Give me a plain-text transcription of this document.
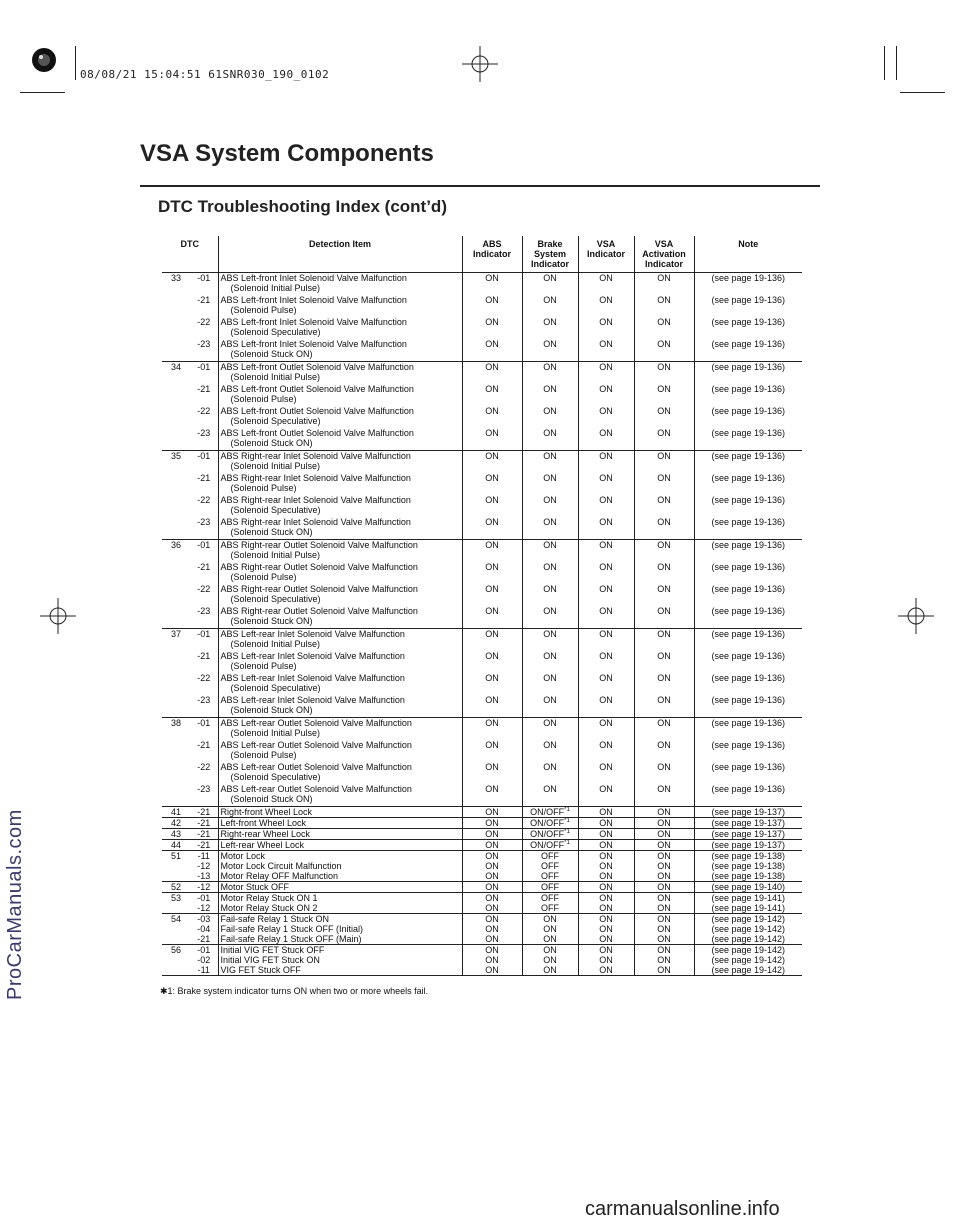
08/08/21 15:04:51 61SNR030_190_0102
VSA System Components
DTC Troubleshooting Index (cont’d)
ProCarManuals.com
carmanualsonline.info
DTC		Detection Item	ABS Indicator	Brake System Indicator	VSA Indicator	VSA Activation Indicator	Note
33	-01	ABS Left-front Inlet Solenoid Valve Malfunction
(Solenoid Initial Pulse)	ON	ON	ON	ON	(see page 19-136)
	-21	ABS Left-front Inlet Solenoid Valve Malfunction
(Solenoid Pulse)	ON	ON	ON	ON	(see page 19-136)
	-22	ABS Left-front Inlet Solenoid Valve Malfunction
(Solenoid Speculative)	ON	ON	ON	ON	(see page 19-136)
	-23	ABS Left-front Inlet Solenoid Valve Malfunction
(Solenoid Stuck ON)	ON	ON	ON	ON	(see page 19-136)
34	-01	ABS Left-front Outlet Solenoid Valve Malfunction
(Solenoid Initial Pulse)	ON	ON	ON	ON	(see page 19-136)
	-21	ABS Left-front Outlet Solenoid Valve Malfunction
(Solenoid Pulse)	ON	ON	ON	ON	(see page 19-136)
	-22	ABS Left-front Outlet Solenoid Valve Malfunction
(Solenoid Speculative)	ON	ON	ON	ON	(see page 19-136)
	-23	ABS Left-front Outlet Solenoid Valve Malfunction
(Solenoid Stuck ON)	ON	ON	ON	ON	(see page 19-136)
35	-01	ABS Right-rear Inlet Solenoid Valve Malfunction
(Solenoid Initial Pulse)	ON	ON	ON	ON	(see page 19-136)
	-21	ABS Right-rear Inlet Solenoid Valve Malfunction
(Solenoid Pulse)	ON	ON	ON	ON	(see page 19-136)
	-22	ABS Right-rear Inlet Solenoid Valve Malfunction
(Solenoid Speculative)	ON	ON	ON	ON	(see page 19-136)
	-23	ABS Right-rear Inlet Solenoid Valve Malfunction
(Solenoid Stuck ON)	ON	ON	ON	ON	(see page 19-136)
36	-01	ABS Right-rear Outlet Solenoid Valve Malfunction
(Solenoid Initial Pulse)	ON	ON	ON	ON	(see page 19-136)
	-21	ABS Right-rear Outlet Solenoid Valve Malfunction
(Solenoid Pulse)	ON	ON	ON	ON	(see page 19-136)
	-22	ABS Right-rear Outlet Solenoid Valve Malfunction
(Solenoid Speculative)	ON	ON	ON	ON	(see page 19-136)
	-23	ABS Right-rear Outlet Solenoid Valve Malfunction
(Solenoid Stuck ON)	ON	ON	ON	ON	(see page 19-136)
37	-01	ABS Left-rear Inlet Solenoid Valve Malfunction
(Solenoid Initial Pulse)	ON	ON	ON	ON	(see page 19-136)
	-21	ABS Left-rear Inlet Solenoid Valve Malfunction
(Solenoid Pulse)	ON	ON	ON	ON	(see page 19-136)
	-22	ABS Left-rear Inlet Solenoid Valve Malfunction
(Solenoid Speculative)	ON	ON	ON	ON	(see page 19-136)
	-23	ABS Left-rear Inlet Solenoid Valve Malfunction
(Solenoid Stuck ON)	ON	ON	ON	ON	(see page 19-136)
38	-01	ABS Left-rear Outlet Solenoid Valve Malfunction
(Solenoid Initial Pulse)	ON	ON	ON	ON	(see page 19-136)
	-21	ABS Left-rear Outlet Solenoid Valve Malfunction
(Solenoid Pulse)	ON	ON	ON	ON	(see page 19-136)
	-22	ABS Left-rear Outlet Solenoid Valve Malfunction
(Solenoid Speculative)	ON	ON	ON	ON	(see page 19-136)
	-23	ABS Left-rear Outlet Solenoid Valve Malfunction
(Solenoid Stuck ON)	ON	ON	ON	ON	(see page 19-136)
41	-21	Right-front Wheel Lock	ON	ON/OFF$^{*1}$	ON	ON	(see page 19-137)
42	-21	Left-front Wheel Lock	ON	ON/OFF$^{*1}$	ON	ON	(see page 19-137)
43	-21	Right-rear Wheel Lock	ON	ON/OFF$^{*1}$	ON	ON	(see page 19-137)
44	-21	Left-rear Wheel Lock	ON	ON/OFF$^{*1}$	ON	ON	(see page 19-137)
51	-11	Motor Lock	ON	OFF	ON	ON	(see page 19-138)
	-12	Motor Lock Circuit Malfunction	ON	OFF	ON	ON	(see page 19-138)
	-13	Motor Relay OFF Malfunction	ON	OFF	ON	ON	(see page 19-138)
52	-12	Motor Stuck OFF	ON	OFF	ON	ON	(see page 19-140)
53	-01	Motor Relay Stuck ON 1	ON	OFF	ON	ON	(see page 19-141)
	-12	Motor Relay Stuck ON 2	ON	OFF	ON	ON	(see page 19-141)
54	-03	Fail-safe Relay 1 Stuck ON	ON	ON	ON	ON	(see page 19-142)
	-04	Fail-safe Relay 1 Stuck OFF (Initial)	ON	ON	ON	ON	(see page 19-142)
	-21	Fail-safe Relay 1 Stuck OFF (Main)	ON	ON	ON	ON	(see page 19-142)
56	-01	Initial VIG FET Stuck OFF	ON	ON	ON	ON	(see page 19-142)
	-02	Initial VIG FET Stuck ON	ON	ON	ON	ON	(see page 19-142)
	-11	VIG FET Stuck OFF	ON	ON	ON	ON	(see page 19-142)
✱1: Brake system indicator turns ON when two or more wheels fail.
